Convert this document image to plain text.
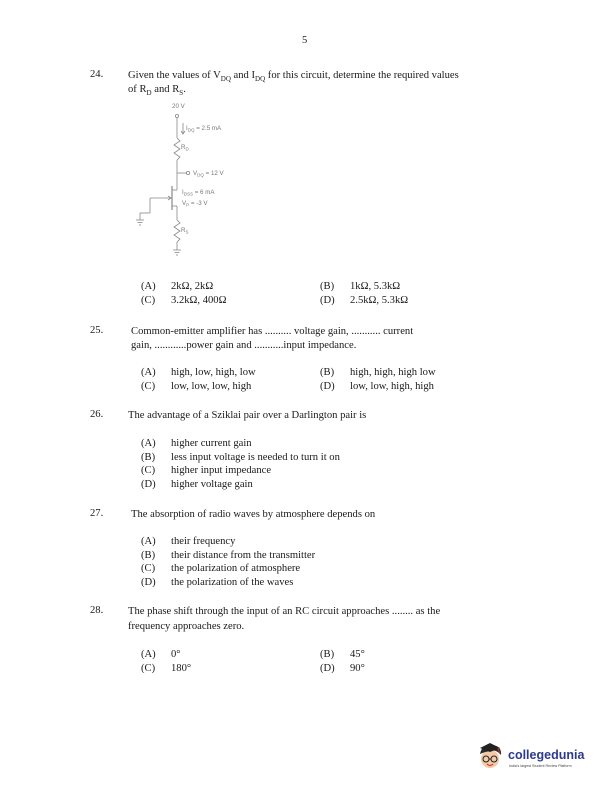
5
24. Given the values of $V_{DQ}$ and $I_{DQ}$ for this circuit, determine the required values
of $R_D$ and $R_S$.
20 V
$I_{DQ} = 2.5$ mA
$R_D$
$V_{DQ} = 12$ V
$I_{DSS} = 6$ mA
$V_P = -3$ V
$R_S$
(A) 2kΩ, 2kΩ	(B) 1kΩ, 5.3kΩ
(C) 3.2kΩ, 400Ω	(D) 2.5kΩ, 5.3kΩ
25.	Common-emitter amplifier has .......... voltage gain, ........... current
gain, ............power gain and ...........input impedance.
(A) high, low, high, low	(B) high, high, high low
(C) low, low, low, high	(D) low, low, high, high
26. The advantage of a Sziklai pair over a Darlington pair is
(A) higher current gain
(B) less input voltage is needed to turn it on
(C) higher input impedance
(D) higher voltage gain
27.	The absorption of radio waves by atmosphere depends on
(A) their frequency
(B) their distance from the transmitter
(C) the polarization of atmosphere
(D) the polarization of the waves
28. The phase shift through the input of an RC circuit approaches ........ as the
frequency approaches zero.
(A) 0°	(B) 45°
(C) 180°	(D) 90°
collegedunia
India's largest Student Review Platform
